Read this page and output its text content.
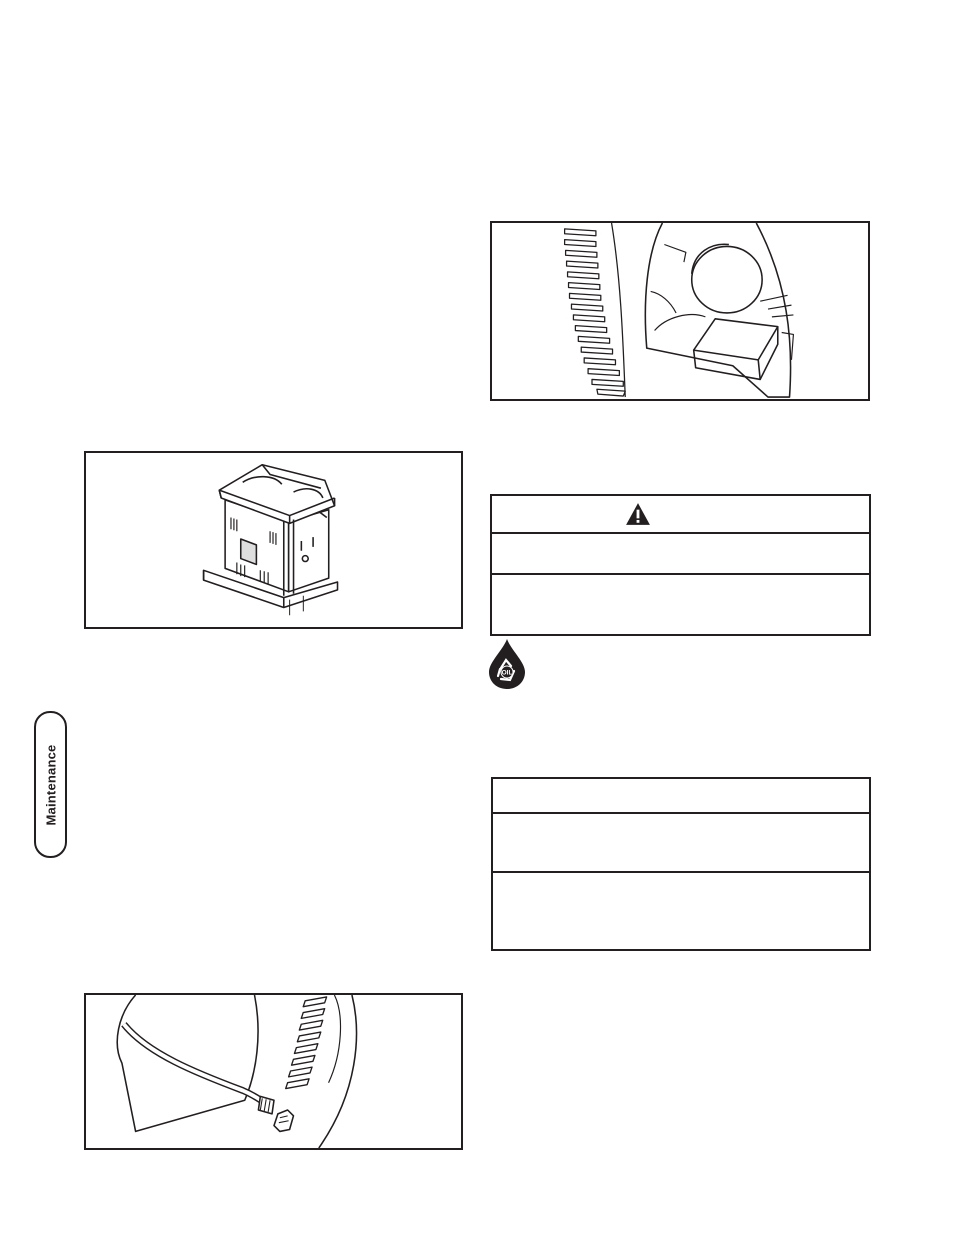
Maintenance
OIL
